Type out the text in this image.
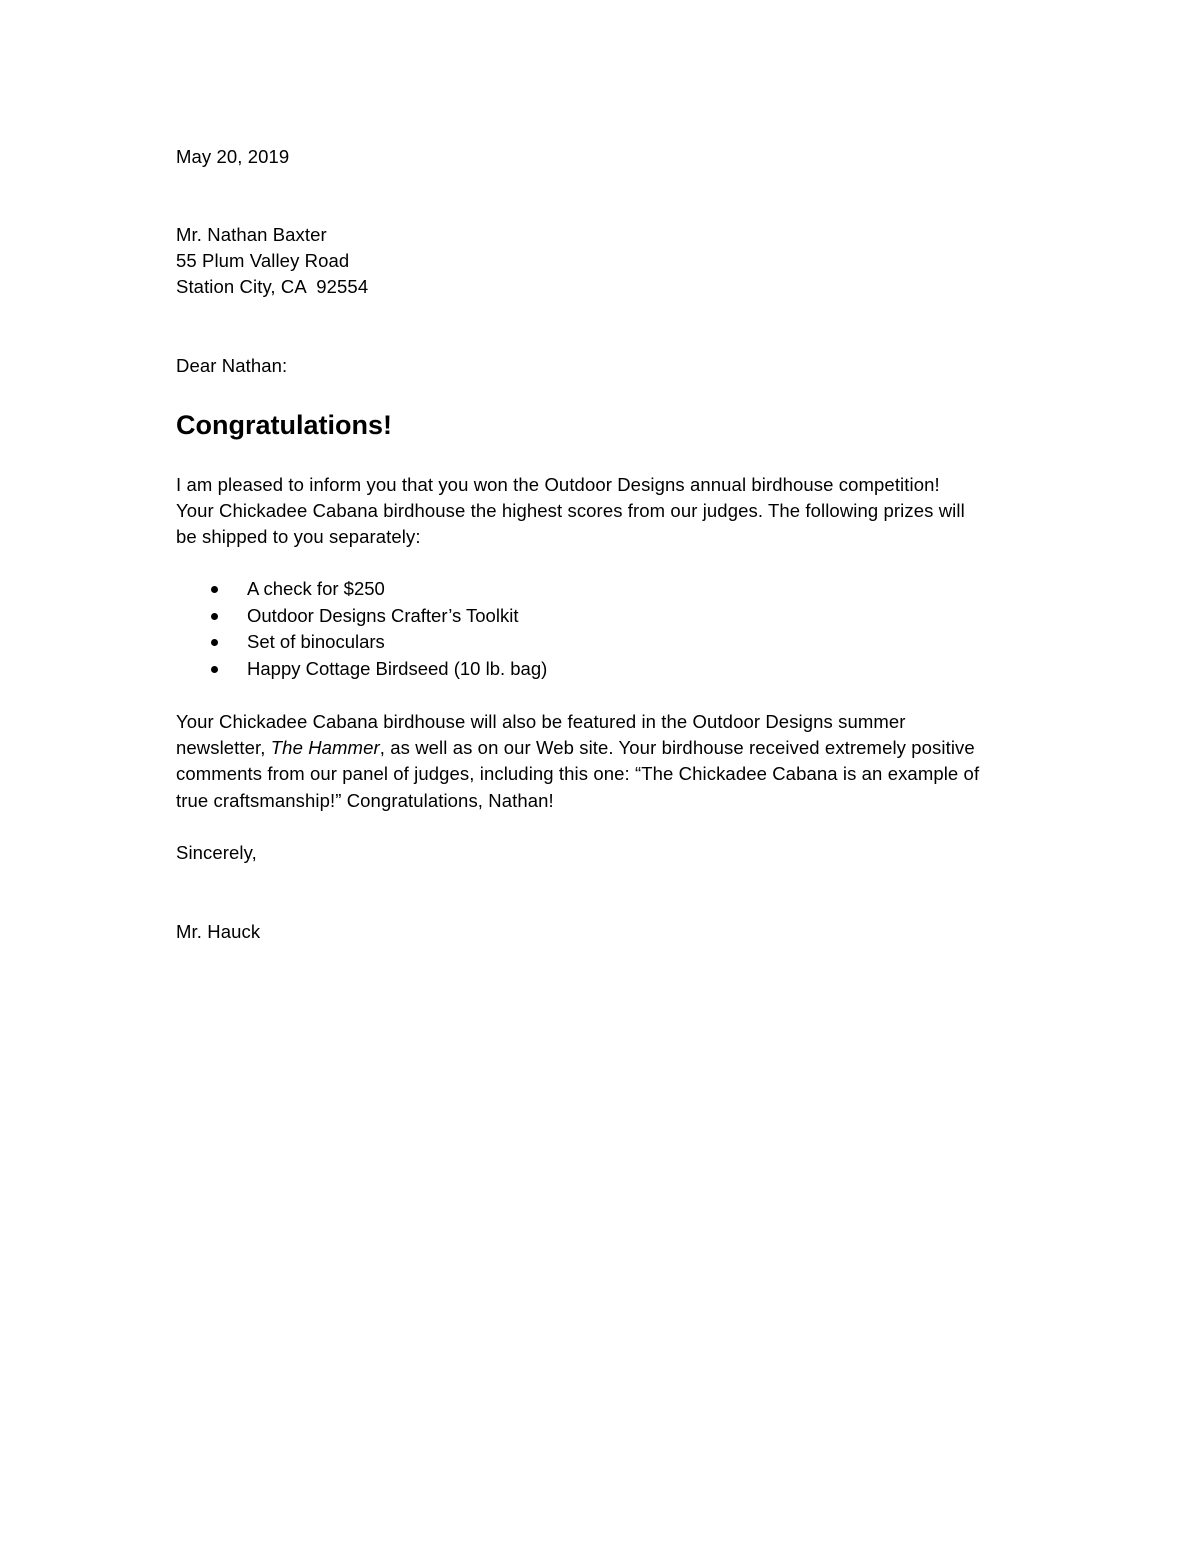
May 20, 2019
Mr. Nathan Baxter
55 Plum Valley Road
Station City, CA  92554
Dear Nathan:
Congratulations!
I am pleased to inform you that you won the Outdoor Designs annual birdhouse competition!
Your Chickadee Cabana birdhouse the highest scores from our judges. The following prizes will
be shipped to you separately:
A check for $250
Outdoor Designs Crafter’s Toolkit
Set of binoculars
Happy Cottage Birdseed (10 lb. bag)
Your Chickadee Cabana birdhouse will also be featured in the Outdoor Designs summer
newsletter, The Hammer, as well as on our Web site. Your birdhouse received extremely positive
comments from our panel of judges, including this one: “The Chickadee Cabana is an example of
true craftsmanship!” Congratulations, Nathan!
Sincerely,
Mr. Hauck
